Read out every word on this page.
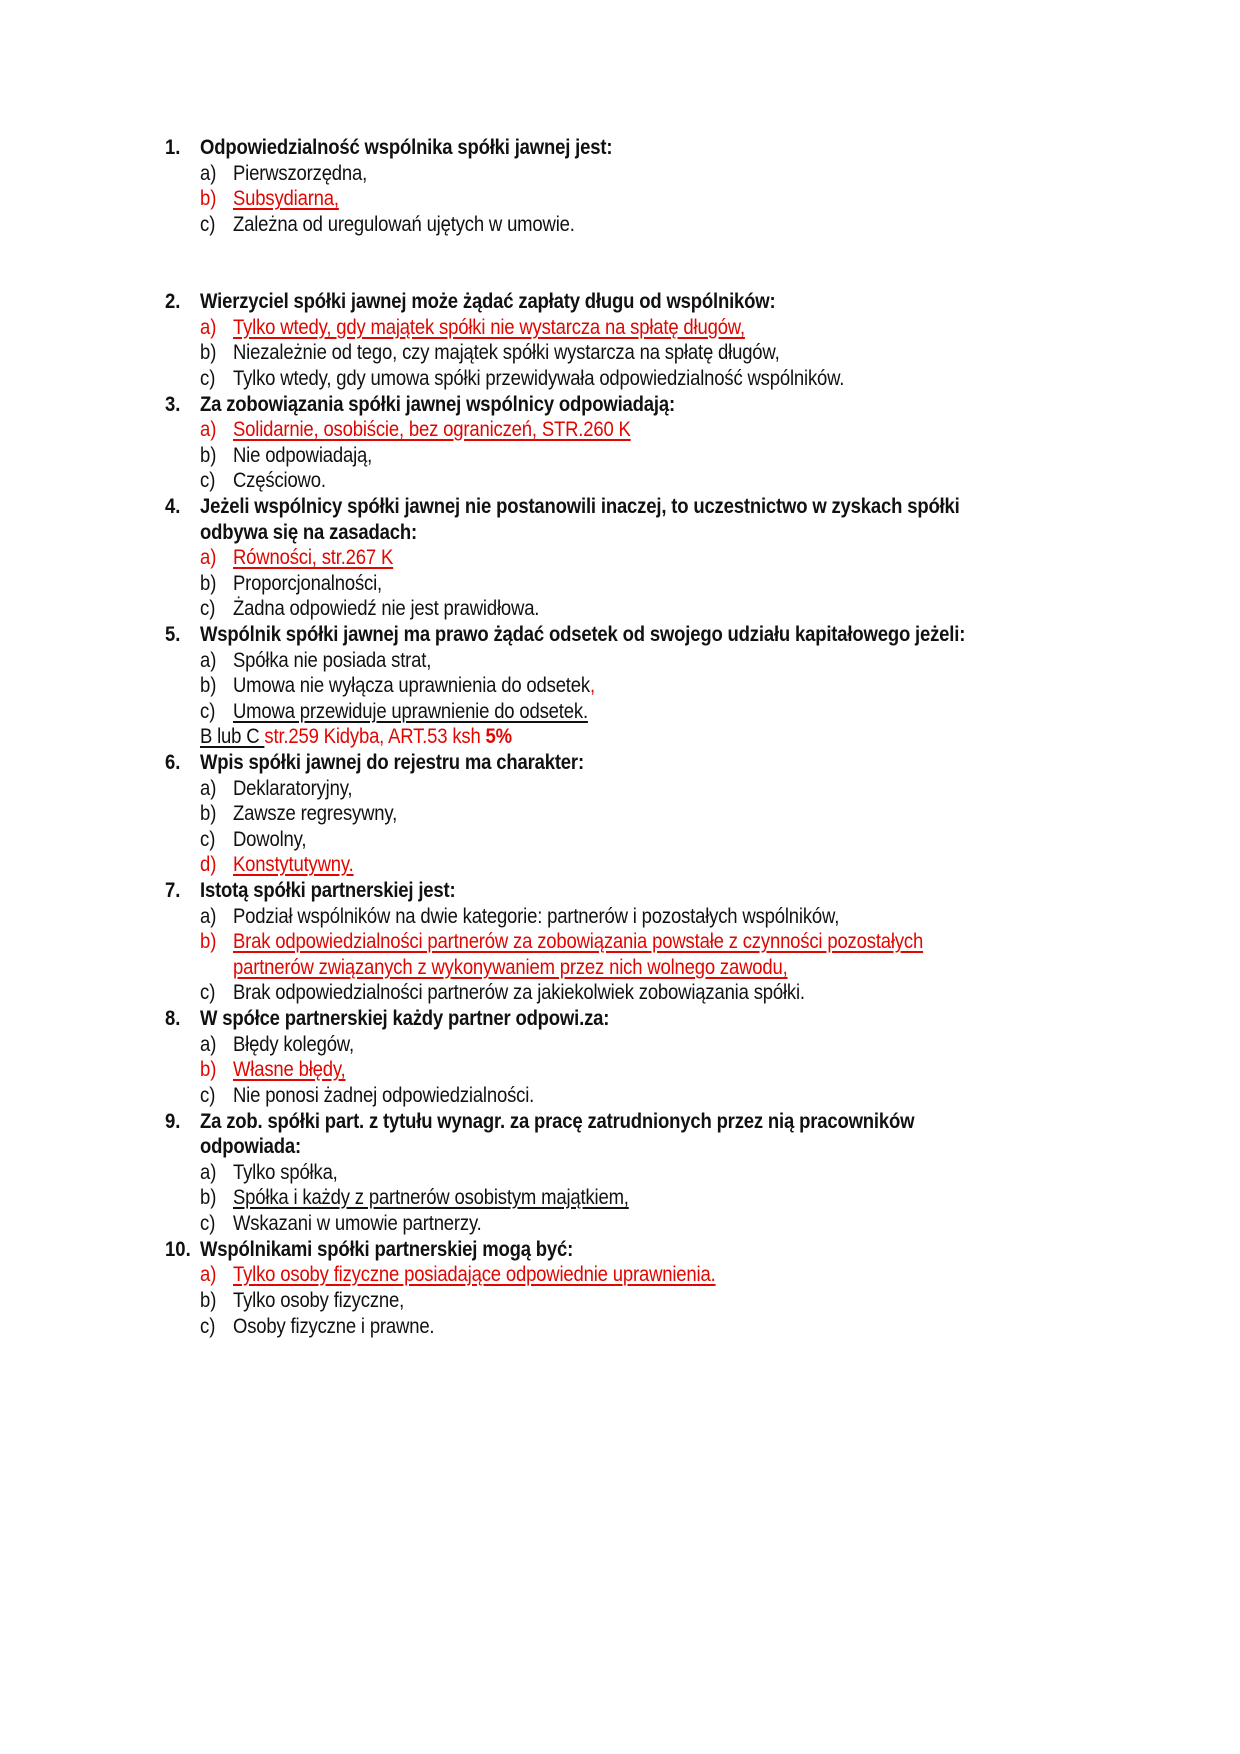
1. Odpowiedzialność wspólnika spółki jawnej jest:
a) Pierwszorzędna,
b) Subsydiarna,
c) Zależna od uregulowań ujętych w umowie.
2. Wierzyciel spółki jawnej może żądać zapłaty długu od wspólników:
a) Tylko wtedy, gdy majątek spółki nie wystarcza na spłatę długów,
b) Niezależnie od tego, czy majątek spółki wystarcza na spłatę długów,
c) Tylko wtedy, gdy umowa spółki przewidywała odpowiedzialność wspólników.
3. Za zobowiązania spółki jawnej wspólnicy odpowiadają:
a) Solidarnie, osobiście, bez ograniczeń, STR.260 K
b) Nie odpowiadają,
c) Częściowo.
4. Jeżeli wspólnicy spółki jawnej nie postanowili inaczej, to uczestnictwo w zyskach spółki
odbywa się na zasadach:
a) Równości, str.267 K
b) Proporcjonalności,
c) Żadna odpowiedź nie jest prawidłowa.
5. Wspólnik spółki jawnej ma prawo żądać odsetek od swojego udziału kapitałowego jeżeli:
a) Spółka nie posiada strat,
b) Umowa nie wyłącza uprawnienia do odsetek,
c) Umowa przewiduje uprawnienie do odsetek.
B lub C str.259 Kidyba, ART.53 ksh 5%
6. Wpis spółki jawnej do rejestru ma charakter:
a) Deklaratoryjny,
b) Zawsze regresywny,
c) Dowolny,
d) Konstytutywny.
7. Istotą spółki partnerskiej jest:
a) Podział wspólników na dwie kategorie: partnerów i pozostałych wspólników,
b) Brak odpowiedzialności partnerów za zobowiązania powstałe z czynności pozostałych
partnerów związanych z wykonywaniem przez nich wolnego zawodu,
c) Brak odpowiedzialności partnerów za jakiekolwiek zobowiązania spółki.
8. W spółce partnerskiej każdy partner odpowi.za:
a) Błędy kolegów,
b) Własne błędy,
c) Nie ponosi żadnej odpowiedzialności.
9. Za zob. spółki part. z tytułu wynagr. za pracę zatrudnionych przez nią pracowników
odpowiada:
a) Tylko spółka,
b) Spółka i każdy z partnerów osobistym majątkiem,
c) Wskazani w umowie partnerzy.
10. Wspólnikami spółki partnerskiej mogą być:
a) Tylko osoby fizyczne posiadające odpowiednie uprawnienia.
b) Tylko osoby fizyczne,
c) Osoby fizyczne i prawne.
